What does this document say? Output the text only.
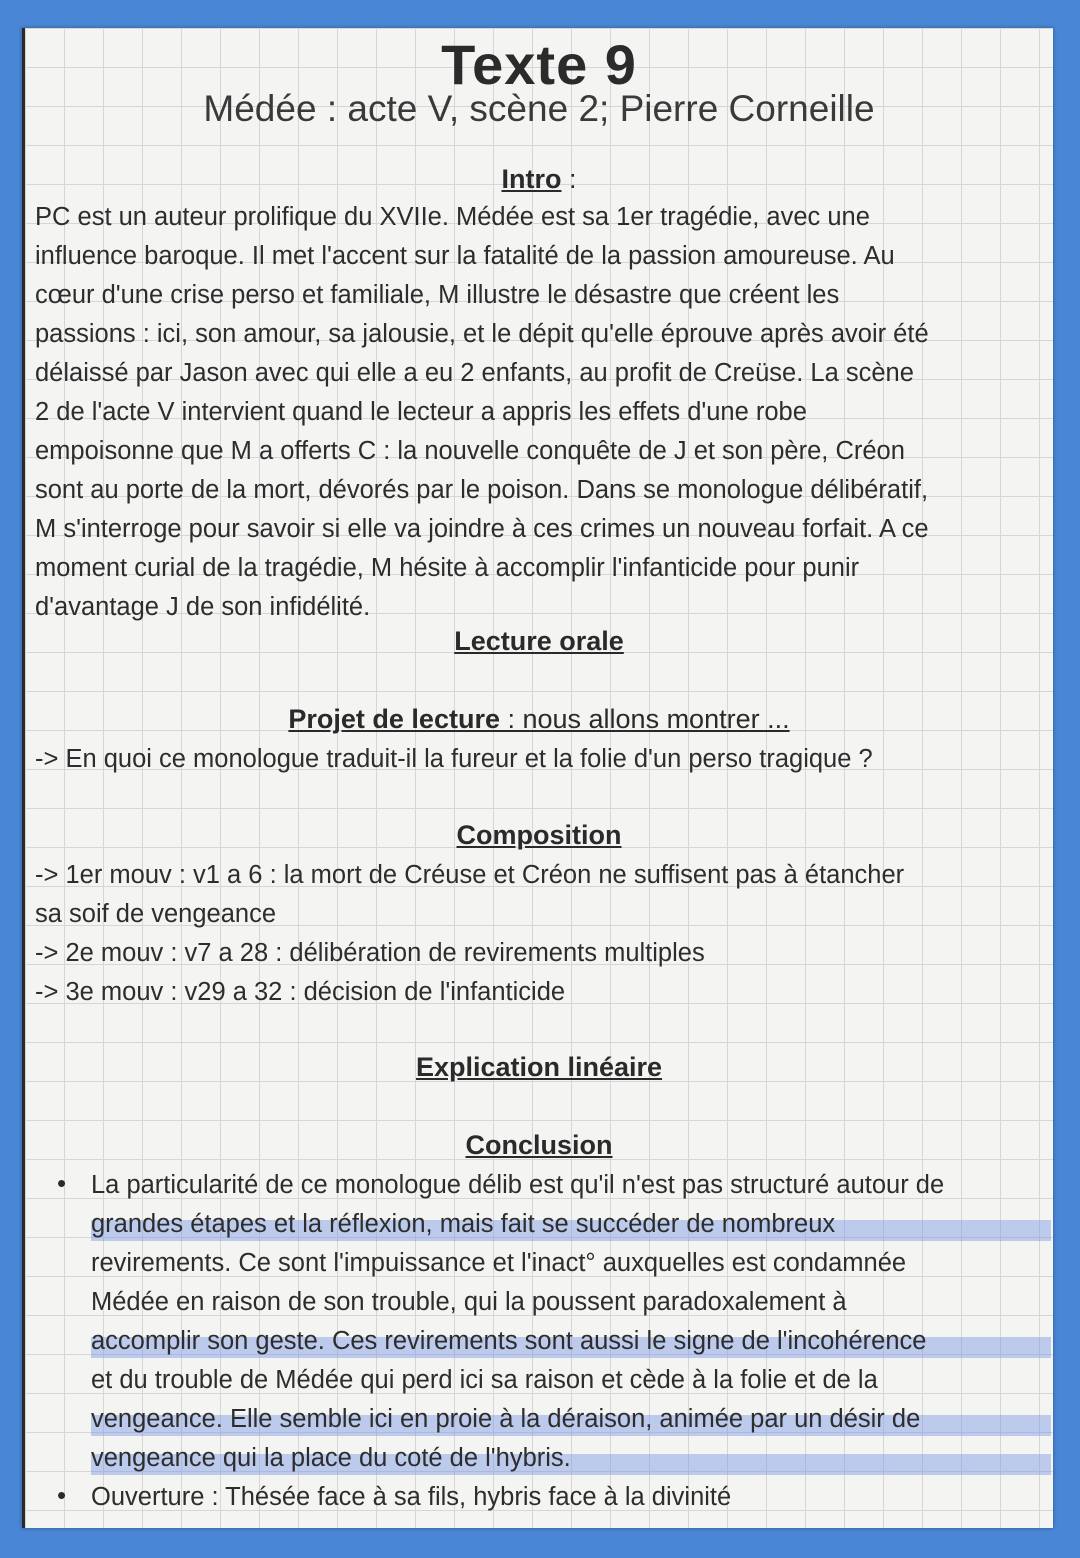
Texte 9
Médée : acte V, scène 2; Pierre Corneille
Intro :
PC est un auteur prolifique du XVIIe. Médée est sa 1er tragédie, avec une
influence baroque. Il met l'accent sur la fatalité de la passion amoureuse. Au
cœur d'une crise perso et familiale, M illustre le désastre que créent les
passions : ici, son amour, sa jalousie, et le dépit qu'elle éprouve après avoir été
délaissé par Jason avec qui elle a eu 2 enfants, au profit de Creüse. La scène
2 de l'acte V intervient quand le lecteur a appris les effets d'une robe
empoisonne que M a offerts C : la nouvelle conquête de J et son père, Créon
sont au porte de la mort, dévorés par le poison. Dans se monologue délibératif,
M s'interroge pour savoir si elle va joindre à ces crimes un nouveau forfait. A ce
moment curial de la tragédie, M hésite à accomplir l'infanticide pour punir
d'avantage J de son infidélité.
Lecture orale
Projet de lecture : nous allons montrer ...
-> En quoi ce monologue traduit-il la fureur et la folie d'un perso tragique ?
Composition
-> 1er mouv : v1 a 6 : la mort de Créuse et Créon ne suffisent pas à étancher
sa soif de vengeance
-> 2e mouv : v7 a 28 : délibération de revirements multiples
-> 3e mouv : v29 a 32 : décision de l'infanticide
Explication linéaire
Conclusion
• La particularité de ce monologue délib est qu'il n'est pas structuré autour de
grandes étapes et la réflexion, mais fait se succéder de nombreux
revirements. Ce sont l'impuissance et l'inact° auxquelles est condamnée
Médée en raison de son trouble, qui la poussent paradoxalement à
accomplir son geste. Ces revirements sont aussi le signe de l'incohérence
et du trouble de Médée qui perd ici sa raison et cède à la folie et de la
vengeance. Elle semble ici en proie à la déraison, animée par un désir de
vengeance qui la place du coté de l'hybris.
• Ouverture : Thésée face à sa fils, hybris face à la divinité
